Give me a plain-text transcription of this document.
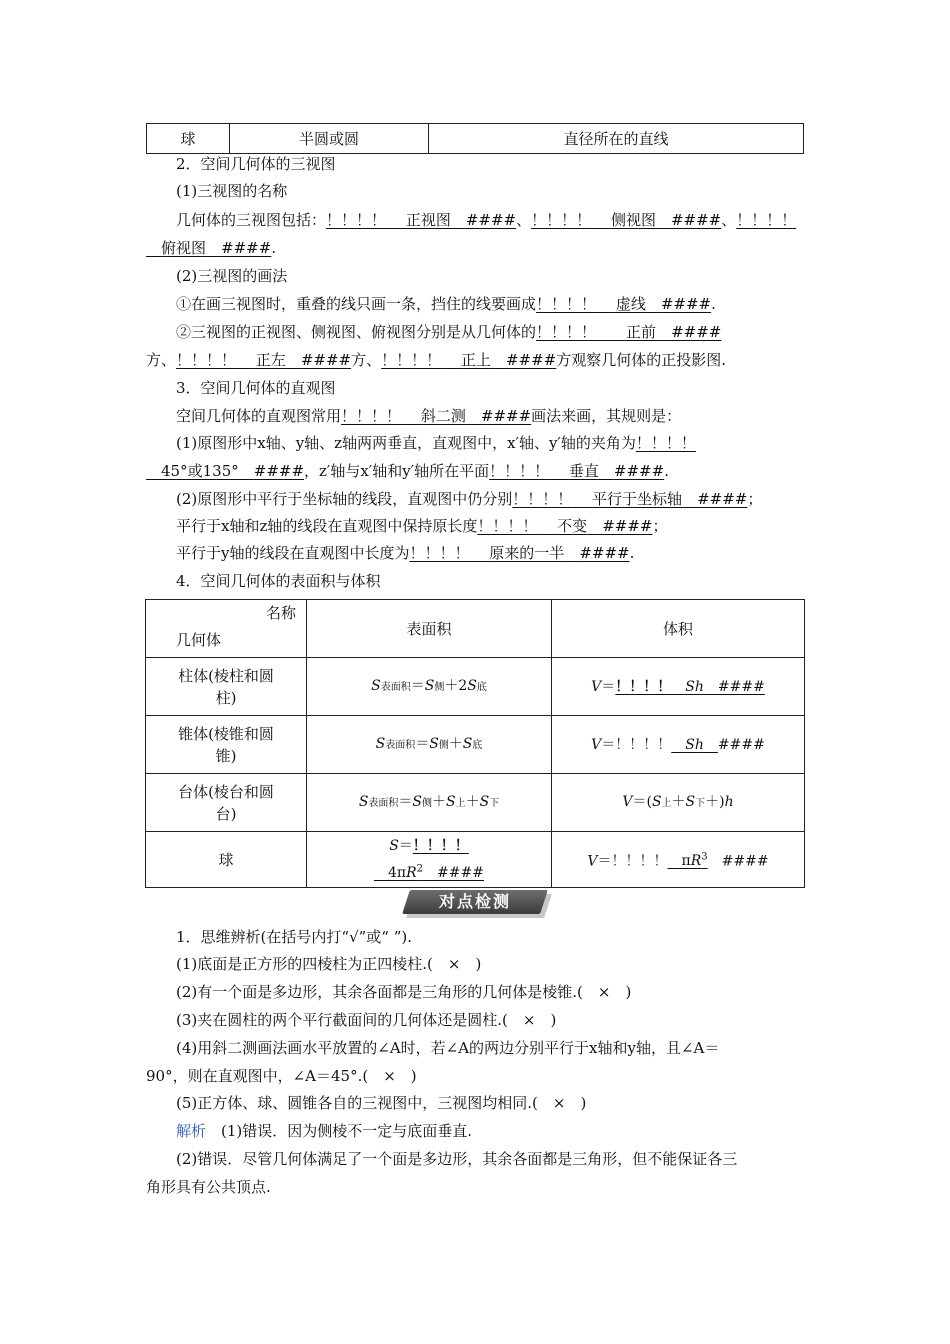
球	半圆或圆	直径所在的直线
2．空间几何体的三视图
(1)三视图的名称
几何体的三视图包括：！！！！　 正视图　 ####、！！！！　 侧视图　 ####、！！！！
　俯视图　 ####.
(2)三视图的画法
①在画三视图时，重叠的线只画一条，挡住的线要画成！！！！　 虚线　 ####.
②三视图的正视图、侧视图、俯视图分别是从几何体的！！！！　　 正前　 ####
方、！！！！　 正左　 ####方、！！！！　 正上　 ####方观察几何体的正投影图.
3．空间几何体的直观图
空间几何体的直观图常用！！！！　 斜二测　 ####画法来画，其规则是：
(1)原图形中x轴、y轴、z轴两两垂直，直观图中，x′轴、y′轴的夹角为！！！！
　45°或135°　 ####，z′轴与x′轴和y′轴所在平面！！！！　 垂直　 ####.
(2)原图形中平行于坐标轴的线段，直观图中仍分别！！！！　 平行于坐标轴　 ####；
平行于x轴和z轴的线段在直观图中保持原长度！！！！　 不变　 ####；
平行于y轴的线段在直观图中长度为！！！！　 原来的一半　 ####.
4．空间几何体的表面积与体积
名称
几何体	表面积	体积
柱体(棱柱和圆
柱)	S表面积＝S侧＋2S底	V＝！！！！　 Sh　####
锥体(棱锥和圆
锥)	S表面积＝S侧＋S底	V＝！！！！　 Sh　 ####
台体(棱台和圆
台)	S表面积＝S侧＋S上＋S下	V＝(S上＋S下＋)h
球	S＝！！！！
　$4\pi R^2$　####	V＝！！！！　$\pi R^3$　####
对点检测
1．思维辨析(在括号内打“√”或“ ”).
(1)底面是正方形的四棱柱为正四棱柱.(　×　)
(2)有一个面是多边形，其余各面都是三角形的几何体是棱锥.(　×　)
(3)夹在圆柱的两个平行截面间的几何体还是圆柱.(　×　)
(4)用斜二测画法画水平放置的∠A时，若∠A的两边分别平行于x轴和y轴，且∠A＝
90°，则在直观图中，∠A＝45°.(　×　)
(5)正方体、球、圆锥各自的三视图中，三视图均相同.(　×　)
解析　 (1)错误．因为侧棱不一定与底面垂直.
(2)错误．尽管几何体满足了一个面是多边形，其余各面都是三角形，但不能保证各三
角形具有公共顶点.
